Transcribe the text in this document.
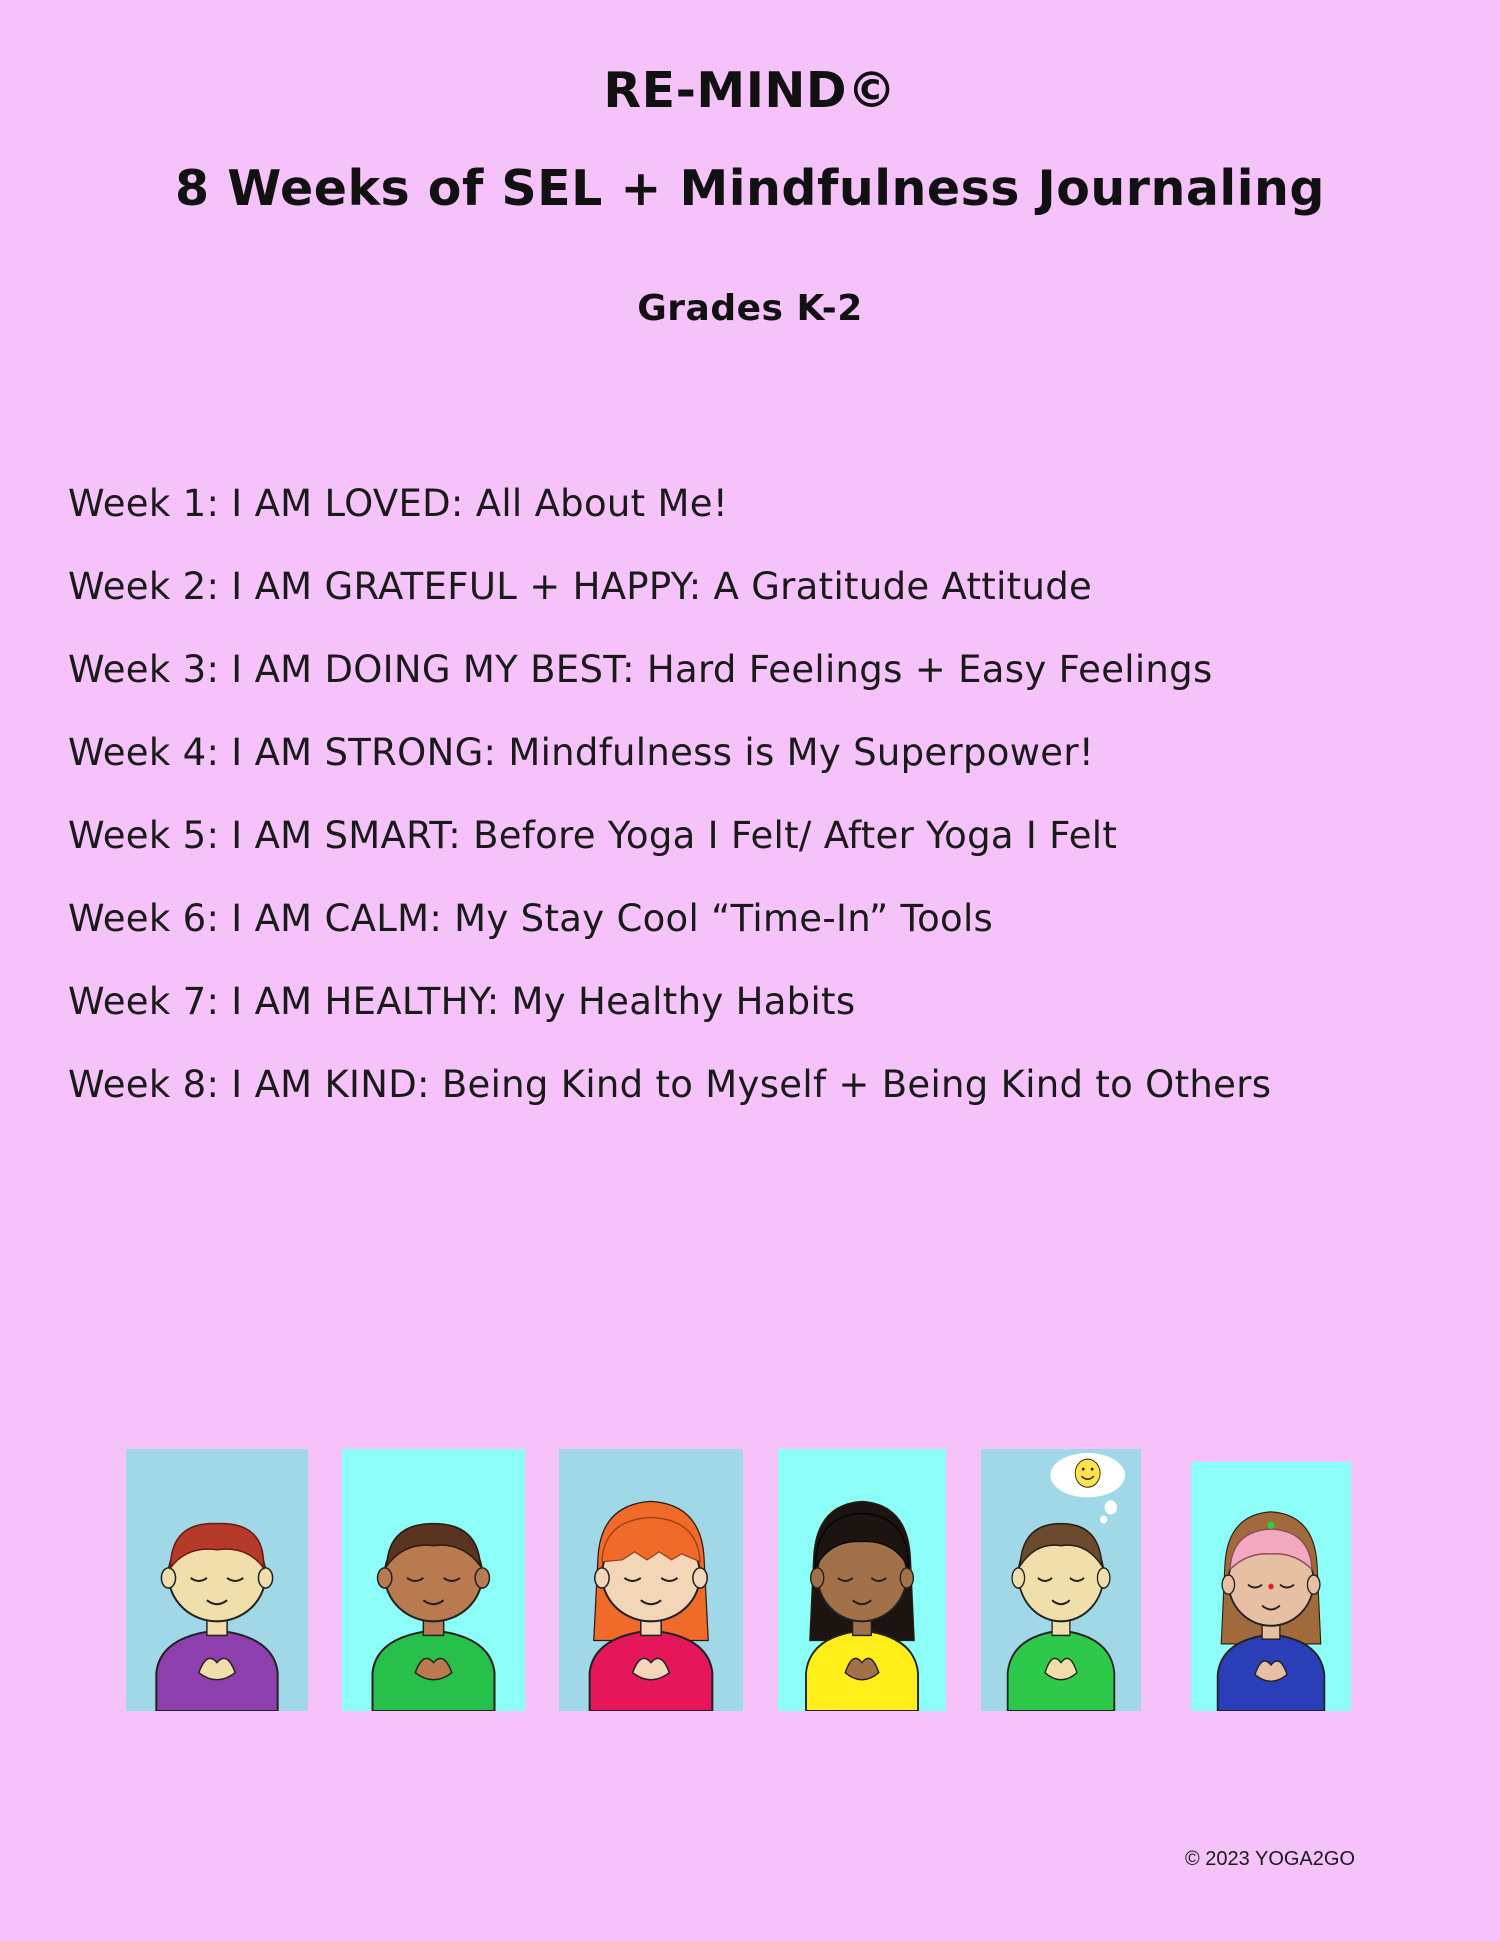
RE-MIND©
8 Weeks of SEL + Mindfulness Journaling
Grades K-2
Week 1: I AM LOVED: All About Me!
Week 2: I AM GRATEFUL + HAPPY: A Gratitude Attitude
Week 3: I AM DOING MY BEST: Hard Feelings + Easy Feelings
Week 4: I AM STRONG: Mindfulness is My Superpower!
Week 5: I AM SMART: Before Yoga I Felt/ After Yoga I Felt
Week 6: I AM CALM: My Stay Cool “Time-In” Tools
Week 7: I AM HEALTHY: My Healthy Habits
Week 8: I AM KIND: Being Kind to Myself + Being Kind to Others
© 2023 YOGA2GO
